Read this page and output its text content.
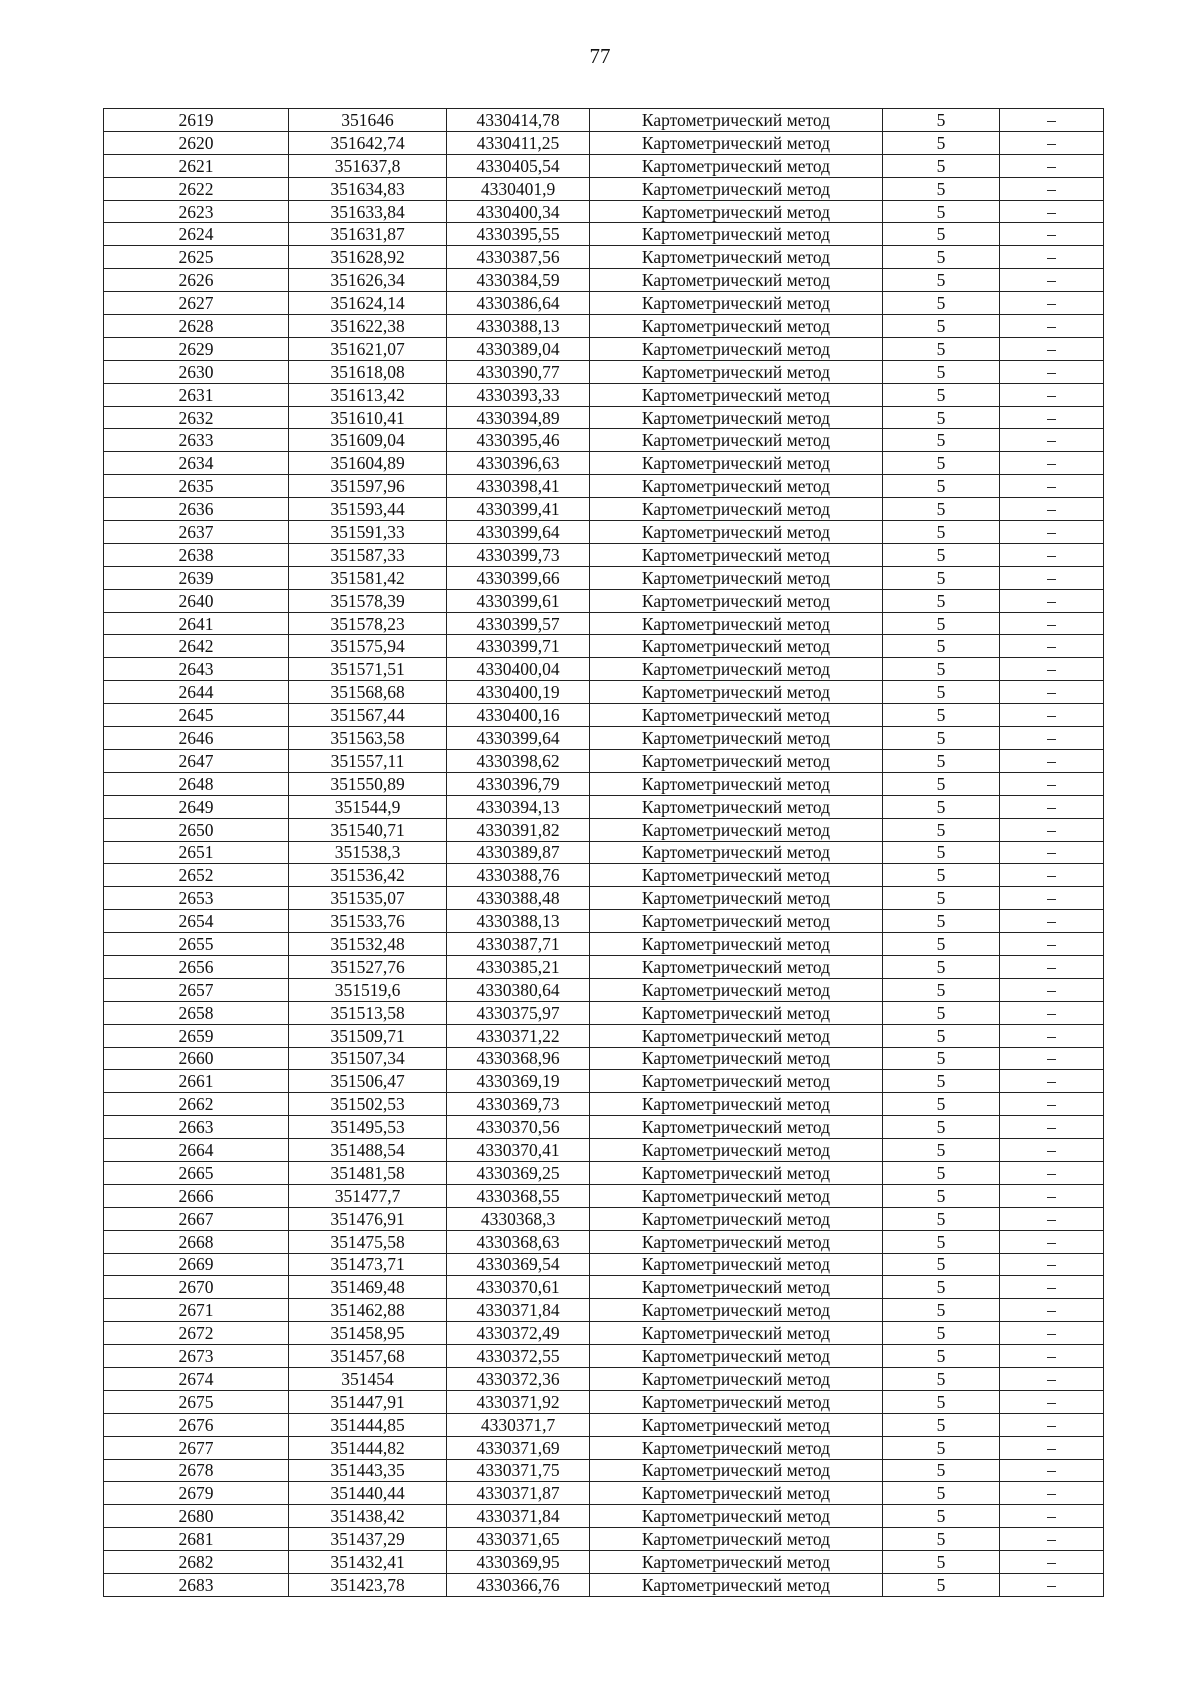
77
2619	351646	4330414,78	Картометрический метод	5	–
2620	351642,74	4330411,25	Картометрический метод	5	–
2621	351637,8	4330405,54	Картометрический метод	5	–
2622	351634,83	4330401,9	Картометрический метод	5	–
2623	351633,84	4330400,34	Картометрический метод	5	–
2624	351631,87	4330395,55	Картометрический метод	5	–
2625	351628,92	4330387,56	Картометрический метод	5	–
2626	351626,34	4330384,59	Картометрический метод	5	–
2627	351624,14	4330386,64	Картометрический метод	5	–
2628	351622,38	4330388,13	Картометрический метод	5	–
2629	351621,07	4330389,04	Картометрический метод	5	–
2630	351618,08	4330390,77	Картометрический метод	5	–
2631	351613,42	4330393,33	Картометрический метод	5	–
2632	351610,41	4330394,89	Картометрический метод	5	–
2633	351609,04	4330395,46	Картометрический метод	5	–
2634	351604,89	4330396,63	Картометрический метод	5	–
2635	351597,96	4330398,41	Картометрический метод	5	–
2636	351593,44	4330399,41	Картометрический метод	5	–
2637	351591,33	4330399,64	Картометрический метод	5	–
2638	351587,33	4330399,73	Картометрический метод	5	–
2639	351581,42	4330399,66	Картометрический метод	5	–
2640	351578,39	4330399,61	Картометрический метод	5	–
2641	351578,23	4330399,57	Картометрический метод	5	–
2642	351575,94	4330399,71	Картометрический метод	5	–
2643	351571,51	4330400,04	Картометрический метод	5	–
2644	351568,68	4330400,19	Картометрический метод	5	–
2645	351567,44	4330400,16	Картометрический метод	5	–
2646	351563,58	4330399,64	Картометрический метод	5	–
2647	351557,11	4330398,62	Картометрический метод	5	–
2648	351550,89	4330396,79	Картометрический метод	5	–
2649	351544,9	4330394,13	Картометрический метод	5	–
2650	351540,71	4330391,82	Картометрический метод	5	–
2651	351538,3	4330389,87	Картометрический метод	5	–
2652	351536,42	4330388,76	Картометрический метод	5	–
2653	351535,07	4330388,48	Картометрический метод	5	–
2654	351533,76	4330388,13	Картометрический метод	5	–
2655	351532,48	4330387,71	Картометрический метод	5	–
2656	351527,76	4330385,21	Картометрический метод	5	–
2657	351519,6	4330380,64	Картометрический метод	5	–
2658	351513,58	4330375,97	Картометрический метод	5	–
2659	351509,71	4330371,22	Картометрический метод	5	–
2660	351507,34	4330368,96	Картометрический метод	5	–
2661	351506,47	4330369,19	Картометрический метод	5	–
2662	351502,53	4330369,73	Картометрический метод	5	–
2663	351495,53	4330370,56	Картометрический метод	5	–
2664	351488,54	4330370,41	Картометрический метод	5	–
2665	351481,58	4330369,25	Картометрический метод	5	–
2666	351477,7	4330368,55	Картометрический метод	5	–
2667	351476,91	4330368,3	Картометрический метод	5	–
2668	351475,58	4330368,63	Картометрический метод	5	–
2669	351473,71	4330369,54	Картометрический метод	5	–
2670	351469,48	4330370,61	Картометрический метод	5	–
2671	351462,88	4330371,84	Картометрический метод	5	–
2672	351458,95	4330372,49	Картометрический метод	5	–
2673	351457,68	4330372,55	Картометрический метод	5	–
2674	351454	4330372,36	Картометрический метод	5	–
2675	351447,91	4330371,92	Картометрический метод	5	–
2676	351444,85	4330371,7	Картометрический метод	5	–
2677	351444,82	4330371,69	Картометрический метод	5	–
2678	351443,35	4330371,75	Картометрический метод	5	–
2679	351440,44	4330371,87	Картометрический метод	5	–
2680	351438,42	4330371,84	Картометрический метод	5	–
2681	351437,29	4330371,65	Картометрический метод	5	–
2682	351432,41	4330369,95	Картометрический метод	5	–
2683	351423,78	4330366,76	Картометрический метод	5	–
